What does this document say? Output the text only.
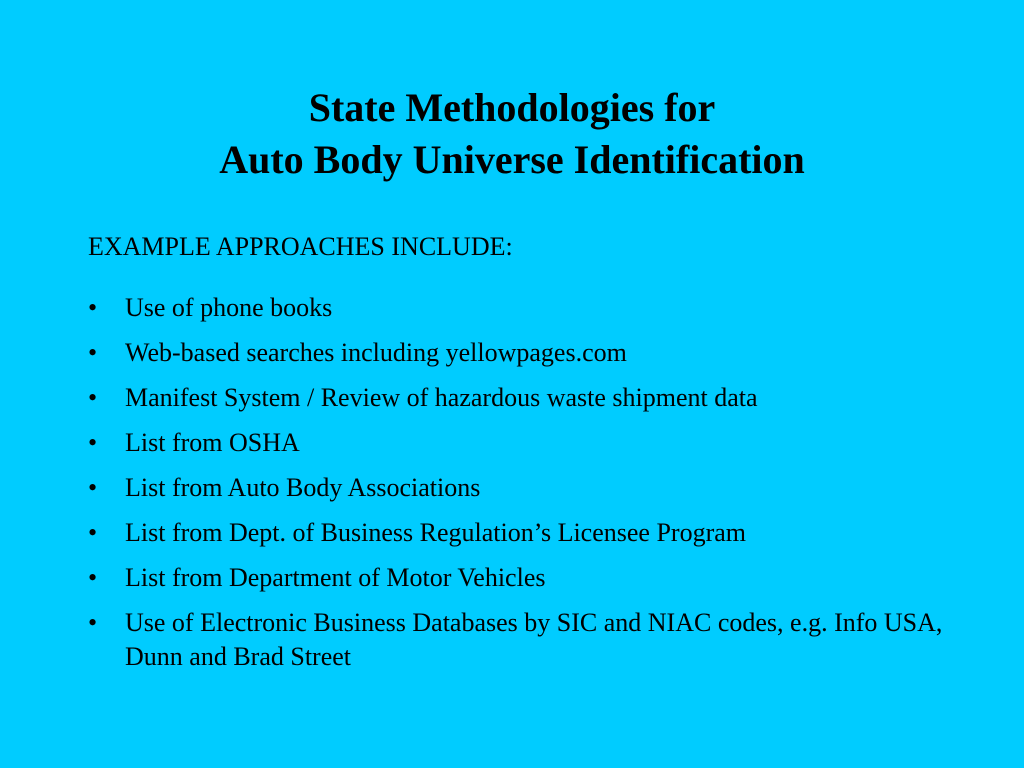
State Methodologies for
Auto Body Universe Identification
EXAMPLE APPROACHES INCLUDE:
• Use of phone books
• Web-based searches including yellowpages.com
• Manifest System / Review of hazardous waste shipment data
• List from OSHA
• List from Auto Body Associations
• List from Dept. of Business Regulation’s Licensee Program
• List from Department of Motor Vehicles
• Use of Electronic Business Databases by SIC and NIAC codes, e.g. Info USA, Dunn and Brad Street
